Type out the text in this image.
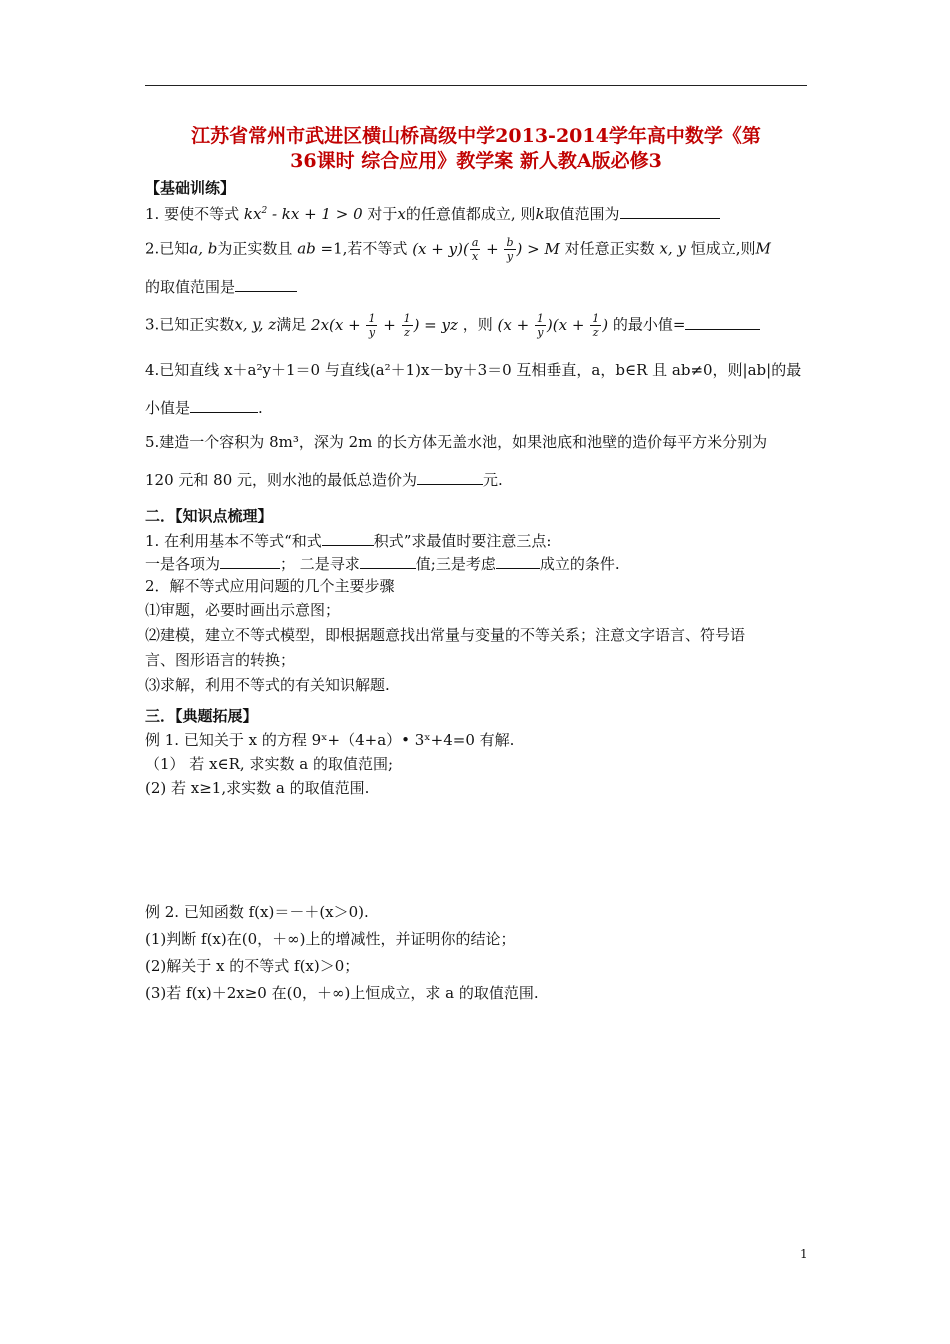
江苏省常州市武进区横山桥高级中学2013-2014学年高中数学《第
36课时 综合应用》教学案 新人教A版必修3
【基础训练】
1. 要使不等式 $kx^2$ - kx + 1 > 0 对于x的任意值都成立, 则k取值范围为
2.已知a, b为正实数且 ab =1,若不等式 $(x + y)( \frac{a}{x} + \frac{b}{y}$ ) > M 对任意正实数 x, y 恒成立,则M
的取值范围是
3.已知正实数x, y, z满足 $2x(x + \frac{1}{y} + \frac{1}{z}$ ) = yz ，则 $(x + \frac{1}{y} )(x + \frac{1}{z}$ ) 的最小值=
4.已知直线 x＋a²y＋1＝0 与直线(a²＋1)x－by＋3＝0 互相垂直，a，b∈R 且 ab≠0，则|ab|的最
小值是	.
5.建造一个容积为 8m³，深为 2m 的长方体无盖水池，如果池底和池壁的造价每平方米分别为
120 元和 80 元，则水池的最低总造价为	元.
二．【知识点梳理】
1. 在利用基本不等式“和式	积式”求最值时要注意三点:
一是各项为	； 二是寻求	值;三是考虑	成立的条件.
2．解不等式应用问题的几个主要步骤
⑴审题，必要时画出示意图；
⑵建模，建立不等式模型，即根据题意找出常量与变量的不等关系；注意文字语言、符号语
言、图形语言的转换；
⑶求解，利用不等式的有关知识解题.
三．【典题拓展】
例 1. 已知关于 x 的方程 9ˣ+（4+a）• 3ˣ+4=0 有解.
（1） 若 x∈R, 求实数 a 的取值范围;
(2) 若 x≥1,求实数 a 的取值范围.
例 2. 已知函数 f(x)＝－＋(x＞0).
(1)判断 f(x)在(0，＋∞)上的增减性，并证明你的结论；
(2)解关于 x 的不等式 f(x)＞0；
(3)若 f(x)＋2x≥0 在(0，＋∞)上恒成立，求 a 的取值范围.
1
